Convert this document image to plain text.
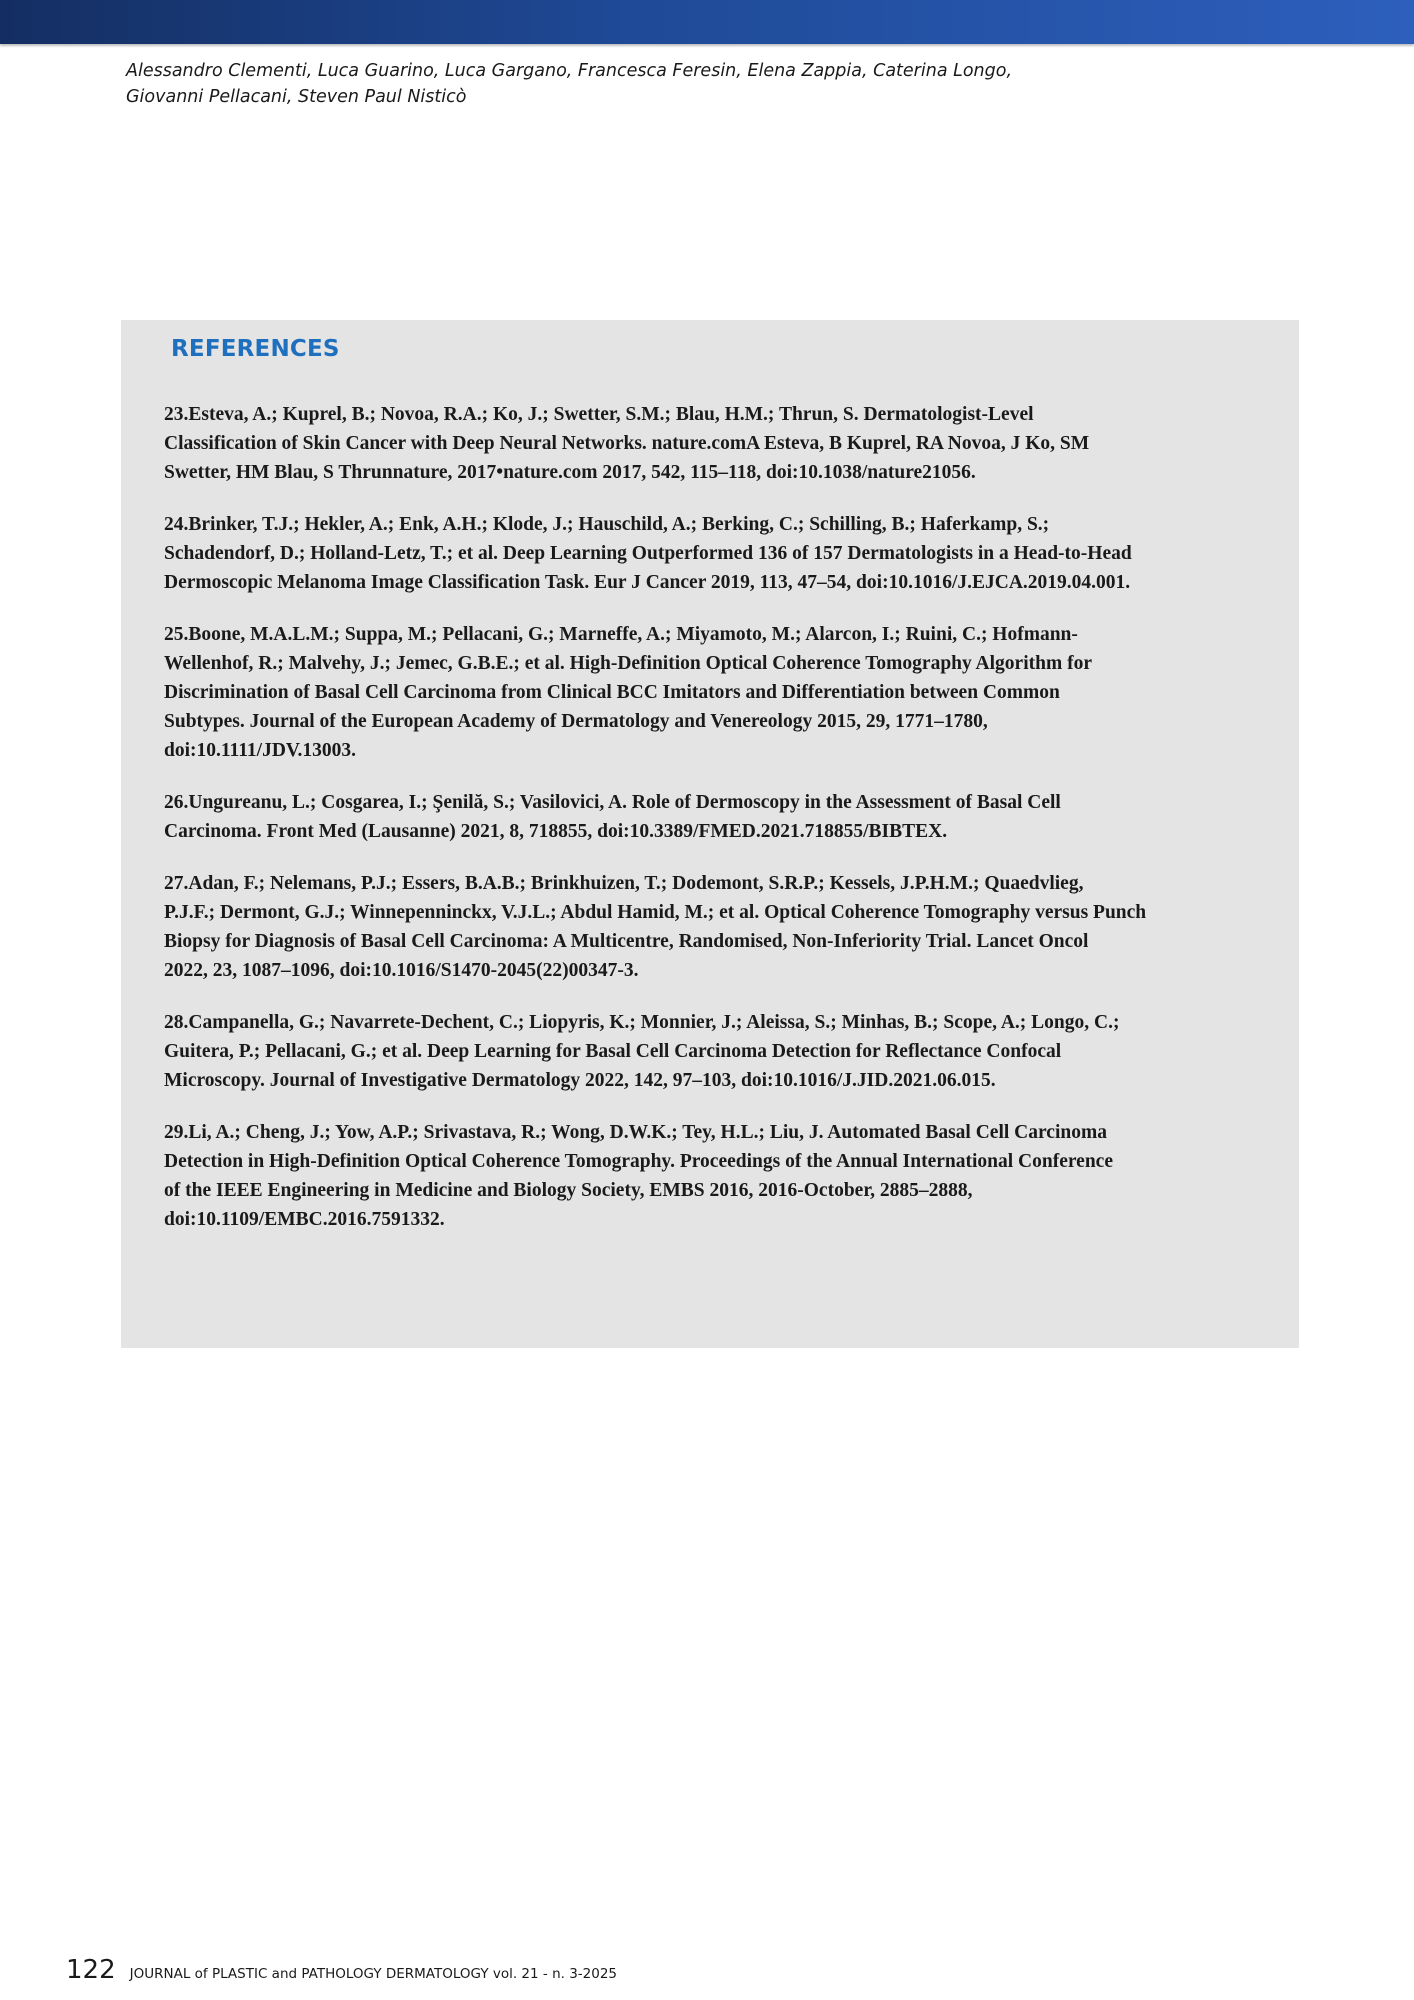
Alessandro Clementi, Luca Guarino, Luca Gargano, Francesca Feresin, Elena Zappia, Caterina Longo,
Giovanni Pellacani, Steven Paul Nisticò
REFERENCES
23.Esteva, A.; Kuprel, B.; Novoa, R.A.; Ko, J.; Swetter, S.M.; Blau, H.M.; Thrun, S. Dermatologist-Level
Classification of Skin Cancer with Deep Neural Networks. nature.comA Esteva, B Kuprel, RA Novoa, J Ko, SM
Swetter, HM Blau, S Thrunnature, 2017•nature.com 2017, 542, 115–118, doi:10.1038/nature21056.
24.Brinker, T.J.; Hekler, A.; Enk, A.H.; Klode, J.; Hauschild, A.; Berking, C.; Schilling, B.; Haferkamp, S.;
Schadendorf, D.; Holland-Letz, T.; et al. Deep Learning Outperformed 136 of 157 Dermatologists in a Head-to-Head
Dermoscopic Melanoma Image Classification Task. Eur J Cancer 2019, 113, 47–54, doi:10.1016/J.EJCA.2019.04.001.
25.Boone, M.A.L.M.; Suppa, M.; Pellacani, G.; Marneffe, A.; Miyamoto, M.; Alarcon, I.; Ruini, C.; Hofmann-
Wellenhof, R.; Malvehy, J.; Jemec, G.B.E.; et al. High-Definition Optical Coherence Tomography Algorithm for
Discrimination of Basal Cell Carcinoma from Clinical BCC Imitators and Differentiation between Common
Subtypes. Journal of the European Academy of Dermatology and Venereology 2015, 29, 1771–1780,
doi:10.1111/JDV.13003.
26.Ungureanu, L.; Cosgarea, I.; Şenilă, S.; Vasilovici, A. Role of Dermoscopy in the Assessment of Basal Cell
Carcinoma. Front Med (Lausanne) 2021, 8, 718855, doi:10.3389/FMED.2021.718855/BIBTEX.
27.Adan, F.; Nelemans, P.J.; Essers, B.A.B.; Brinkhuizen, T.; Dodemont, S.R.P.; Kessels, J.P.H.M.; Quaedvlieg,
P.J.F.; Dermont, G.J.; Winnepenninckx, V.J.L.; Abdul Hamid, M.; et al. Optical Coherence Tomography versus Punch
Biopsy for Diagnosis of Basal Cell Carcinoma: A Multicentre, Randomised, Non-Inferiority Trial. Lancet Oncol
2022, 23, 1087–1096, doi:10.1016/S1470-2045(22)00347-3.
28.Campanella, G.; Navarrete-Dechent, C.; Liopyris, K.; Monnier, J.; Aleissa, S.; Minhas, B.; Scope, A.; Longo, C.;
Guitera, P.; Pellacani, G.; et al. Deep Learning for Basal Cell Carcinoma Detection for Reflectance Confocal
Microscopy. Journal of Investigative Dermatology 2022, 142, 97–103, doi:10.1016/J.JID.2021.06.015.
29.Li, A.; Cheng, J.; Yow, A.P.; Srivastava, R.; Wong, D.W.K.; Tey, H.L.; Liu, J. Automated Basal Cell Carcinoma
Detection in High-Definition Optical Coherence Tomography. Proceedings of the Annual International Conference
of the IEEE Engineering in Medicine and Biology Society, EMBS 2016, 2016-October, 2885–2888,
doi:10.1109/EMBC.2016.7591332.
122 JOURNAL of PLASTIC and PATHOLOGY DERMATOLOGY vol. 21 - n. 3-2025
